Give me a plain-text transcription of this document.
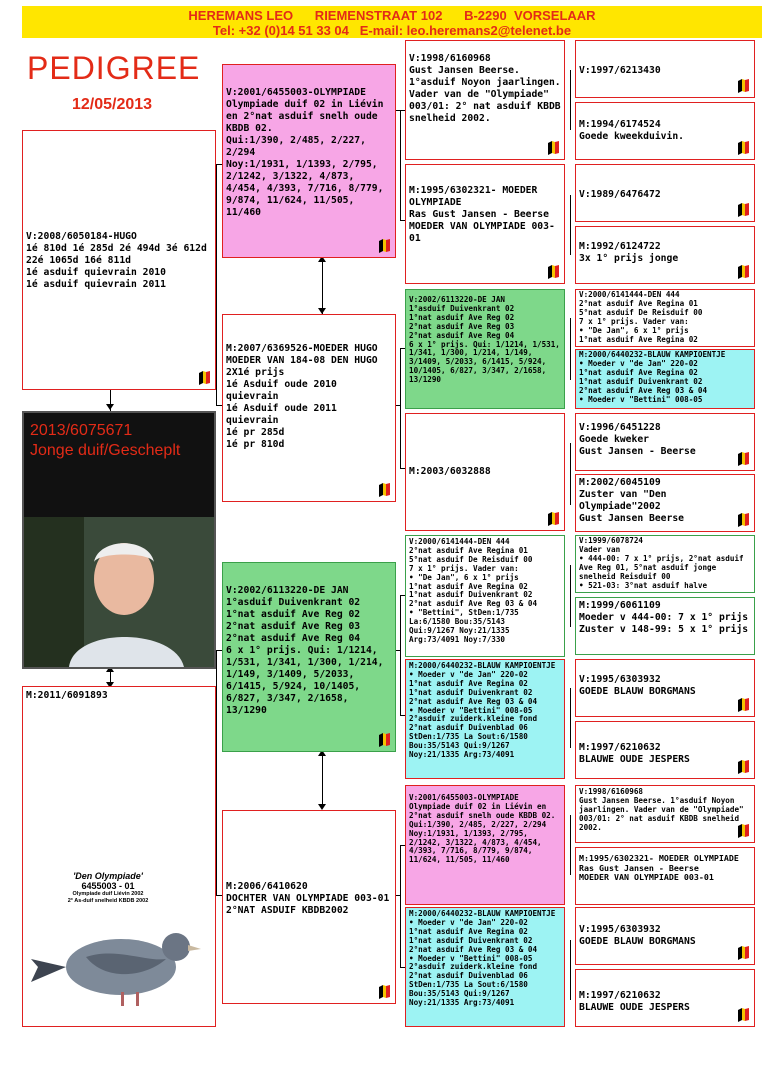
HEREMANS LEO      RIEMENSTRAAT 102      B-2290  VORSELAAR
Tel: +32 (0)14 51 33 04   E-mail: leo.heremans2@telenet.be
PEDIGREE
12/05/2013
V:2008/6050184-HUGO
1é 810d 1é 285d 2é 494d 3é 612d 22é 1065d 16é 811d
1é asduif quievrain 2010
1é asduif quievrain 2011
2013/6075671
Jonge duif/Gescheplt
M:2011/6091893
'Den Olympiade'
6455003 - 01
Olympiade duif Liévin 2002
2° As-duif snelheid KBDB 2002
V:2001/6455003-OLYMPIADE
Olympiade duif 02 in Liévin en 2°nat asduif snelh oude KBDB 02.
Qui:1/390, 2/485, 2/227, 2/294
Noy:1/1931, 1/1393, 2/795, 2/1242, 3/1322, 4/873, 4/454, 4/393, 7/716, 8/779, 9/874, 11/624, 11/505, 11/460
M:2007/6369526-MOEDER HUGO
MOEDER VAN 184-08 DEN HUGO 2X1é prijs
1é Asduif oude 2010 quievrain
1é Asduif oude 2011 quievrain
1é pr 285d
1é pr 810d
V:2002/6113220-DE JAN
1°asduif Duivenkrant 02
1°nat asduif Ave Reg 02
2°nat asduif Ave Reg 03
2°nat asduif Ave Reg 04
6 x 1° prijs. Qui: 1/1214, 1/531, 1/341, 1/300, 1/214, 1/149, 3/1409, 5/2033, 6/1415, 5/924, 10/1405, 6/827, 3/347, 2/1658, 13/1290
M:2006/6410620
DOCHTER VAN OLYMPIADE 003-01
2°NAT ASDUIF KBDB2002
V:1998/6160968
Gust Jansen Beerse. 1°asduif Noyon jaarlingen. Vader van de "Olympiade" 003/01: 2° nat asduif KBDB snelheid 2002.
M:1995/6302321- MOEDER OLYMPIADE
Ras Gust Jansen - Beerse
MOEDER VAN OLYMPIADE 003-01
V:2002/6113220-DE JAN
1°asduif Duivenkrant 02
1°nat asduif Ave Reg 02
2°nat asduif Ave Reg 03
2°nat asduif Ave Reg 04
6 x 1° prijs. Qui: 1/1214, 1/531, 1/341, 1/300, 1/214, 1/149, 3/1409, 5/2033, 6/1415, 5/924, 10/1405, 6/827, 3/347, 2/1658, 13/1290
M:2003/6032888
V:2000/6141444-DEN 444
2°nat asduif Ave Regina 01
5°nat asduif De Reisduif 00
7 x 1° prijs. Vader van:
• "De Jan", 6 x 1° prijs
1°nat asduif Ave Regina 02
1°nat asduif Duivenkrant 02
2°nat asduif Ave Reg 03 & 04
• "Bettini", StDen:1/735
La:6/1580 Bou:35/5143
Qui:9/1267 Noy:21/1335
Arg:73/4091 Noy:7/330
M:2000/6440232-BLAUW KAMPIOENTJE
• Moeder v "de Jan" 220-02
1°nat asduif Ave Regina 02
1°nat asduif Duivenkrant 02
2°nat asduif Ave Reg 03 & 04
• Moeder v "Bettini" 008-05
2°asduif zuiderk.kleine fond
2°nat asduif Duivenblad 06
StDen:1/735 La Sout:6/1580
Bou:35/5143 Qui:9/1267
Noy:21/1335 Arg:73/4091
V:2001/6455003-OLYMPIADE
Olympiade duif 02 in Liévin en 2°nat asduif snelh oude KBDB 02.
Qui:1/390, 2/485, 2/227, 2/294
Noy:1/1931, 1/1393, 2/795, 2/1242, 3/1322, 4/873, 4/454, 4/393, 7/716, 8/779, 9/874, 11/624, 11/505, 11/460
M:2000/6440232-BLAUW KAMPIOENTJE
• Moeder v "de Jan" 220-02
1°nat asduif Ave Regina 02
1°nat asduif Duivenkrant 02
2°nat asduif Ave Reg 03 & 04
• Moeder v "Bettini" 008-05
2°asduif zuiderk.kleine fond
2°nat asduif Duivenblad 06
StDen:1/735 La Sout:6/1580
Bou:35/5143 Qui:9/1267
Noy:21/1335 Arg:73/4091
V:1997/6213430
M:1994/6174524
Goede kweekduivin.
V:1989/6476472
M:1992/6124722
3x 1° prijs jonge
V:2000/6141444-DEN 444
2°nat asduif Ave Regina 01
5°nat asduif De Reisduif 00
7 x 1° prijs. Vader van:
• "De Jan", 6 x 1° prijs
1°nat asduif Ave Regina 02
M:2000/6440232-BLAUW KAMPIOENTJE
• Moeder v "de Jan" 220-02
1°nat asduif Ave Regina 02
1°nat asduif Duivenkrant 02
2°nat asduif Ave Reg 03 & 04
• Moeder v "Bettini" 008-05
V:1996/6451228
Goede kweker
Gust Jansen - Beerse
M:2002/6045109
Zuster van "Den Olympiade"2002
Gust Jansen Beerse
V:1999/6078724
Vader van
• 444-00: 7 x 1° prijs, 2°nat asduif Ave Reg 01, 5°nat asduif jonge snelheid Reisduif 00
• 521-03: 3°nat asduif halve
M:1999/6061109
Moeder v 444-00: 7 x 1° prijs
Zuster v 148-99: 5 x 1° prijs
V:1995/6303932
GOEDE BLAUW BORGMANS
M:1997/6210632
BLAUWE OUDE JESPERS
V:1998/6160968
Gust Jansen Beerse. 1°asduif Noyon jaarlingen. Vader van de "Olympiade" 003/01: 2° nat asduif KBDB snelheid 2002.
M:1995/6302321- MOEDER OLYMPIADE
Ras Gust Jansen - Beerse
MOEDER VAN OLYMPIADE 003-01
V:1995/6303932
GOEDE BLAUW BORGMANS
M:1997/6210632
BLAUWE OUDE JESPERS
